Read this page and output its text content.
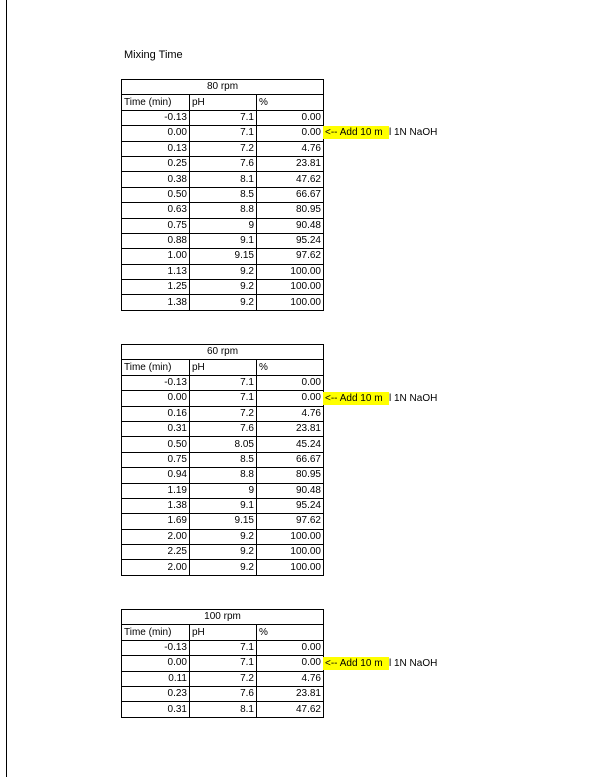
Mixing Time
80 rpm		
Time (min)	pH	%
-0.13	7.1	0.00
0.00	7.1	0.00
0.13	7.2	4.76
0.25	7.6	23.81
0.38	8.1	47.62
0.50	8.5	66.67
0.63	8.8	80.95
0.75	9	90.48
0.88	9.1	95.24
1.00	9.15	97.62
1.13	9.2	100.00
1.25	9.2	100.00
1.38	9.2	100.00
<-- Add 10 m l 1N NaOH
60 rpm		
Time (min)	pH	%
-0.13	7.1	0.00
0.00	7.1	0.00
0.16	7.2	4.76
0.31	7.6	23.81
0.50	8.05	45.24
0.75	8.5	66.67
0.94	8.8	80.95
1.19	9	90.48
1.38	9.1	95.24
1.69	9.15	97.62
2.00	9.2	100.00
2.25	9.2	100.00
2.00	9.2	100.00
<-- Add 10 m l 1N NaOH
100 rpm		
Time (min)	pH	%
-0.13	7.1	0.00
0.00	7.1	0.00
0.11	7.2	4.76
0.23	7.6	23.81
0.31	8.1	47.62
<-- Add 10 m l 1N NaOH
